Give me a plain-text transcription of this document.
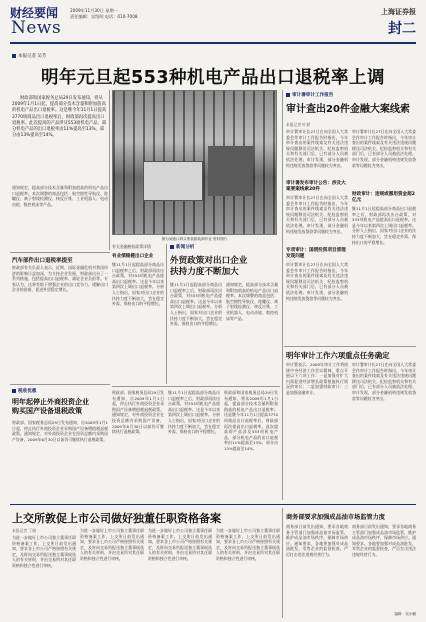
财经要闻
News
2009年11月30日 星期一
责任编辑：吴绍明 电话：010-7008
上海证券报
封二
本报记者 吴芳
明年元旦起553种机电产品出口退税率上调
财政部和国家税务总局29日发布通知，将从2009年1月1日起，提高部分技术含量和附加值高的机电产品出口退税率。这是继今年11月1日提高3770项商品出口退税率后，财政部再次提高出口退税率。此次提高的产品涉及553项机电产品，部分机电产品的出口退税率由11%提高至13%，部分由13%提高至14%。
图为某港口码头集装箱装卸作业 资料图片
通知规定，提高部分技术含量和附加值高的机电产品出口退税率。本次调整的商品包括：航空惯性导航仪、陀螺仪、离子射线检测仪、核反应堆、工业机器人、电动齿轮、数控机床等产品。
汽车部件出口退税率提至
财政部有关负责人表示，近期，国际金融危机对我国经济的影响日益加深，为支持企业发展，财政部出台了一系列措施，包括提高出口退税率、减轻企业负担等。专家认为，这将有助于增强企业的出口竞争力，缓解出口企业的困难，促进外贸稳定增长。
税收优惠
明年起停止外商投资企业
购买国产设备退税政策
财政部、国家税务总局29日发布通知，自2009年1月1日起，停止执行外商投资企业采购国产设备增值税退税政策。通知规定，对外商投资企业在投资总额内采购国产设备，2009年6月30日以前仍可继续执行退税政策。
有关金融税收政策详情
有业绩稳健出口企业
继11月1日起提高部分商品出口退税率之后，财政部再次出台政策，对553项机电产品提高出口退税率。这是今年以来第四次上调出口退税率。分析人士指出，国家对出口企业的扶持力度不断加大，旨在稳定外需，保持出口的平稳增长。
新闻分析
外贸政策对出口企业
扶持力度不断加大
继11月1日起提高部分商品出口退税率之后，财政部再次出台政策，对553项机电产品提高出口退税率。这是今年以来第四次上调出口退税率。分析人士指出，国家对出口企业的扶持力度不断加大，旨在稳定外需，保持出口的平稳增长。
通知规定，提高部分技术含量和附加值高的机电产品出口退税率。本次调整的商品包括：航空惯性导航仪、陀螺仪、离子射线检测仪、核反应堆、工业机器人、电动齿轮、数控机床等产品。
财政部、国家税务总局29日发布通知，自2009年1月1日起，停止执行外商投资企业采购国产设备增值税退税政策。通知规定，对外商投资企业在投资总额内采购国产设备，2009年6月30日以前仍可继续执行退税政策。
继11月1日起提高部分商品出口退税率之后，财政部再次出台政策，对553项机电产品提高出口退税率。这是今年以来第四次上调出口退税率。分析人士指出，国家对出口企业的扶持力度不断加大，旨在稳定外需，保持出口的平稳增长。
财政部和国家税务总局29日发布通知，将从2009年1月1日起，提高部分技术含量和附加值高的机电产品出口退税率。这是继今年11月1日提高3770项商品出口退税率后，财政部再次提高出口退税率。此次提高的产品涉及553项机电产品，部分机电产品的出口退税率由11%提高至13%，部分由13%提高至14%。
审计署审计工作报告
审计查出20件金融大案线索
本报记者 叶斌
审计署审计长27日在向全国人大常委会作审计工作报告时指出，今年审计查出的案件线索及有关违法违规问题移送司法机关、纪检监察机关和有关部门后，已有部分人员被依法处理。审计发现，部分金融机构违规发放贷款等问题较为突出。
审计署发布审计公告：涉及大案要案线索20件
审计署审计长27日在向全国人大常委会作审计工作报告时指出，今年审计查出的案件线索及有关违法违规问题移送司法机关、纪检监察机关和有关部门后，已有部分人员被依法处理。审计发现，部分金融机构违规发放贷款等问题较为突出。
专项审计：国债投资项目清理发现问题
审计署审计长27日在向全国人大常委会作审计工作报告时指出，今年审计查出的案件线索及有关违法违规问题移送司法机关、纪检监察机关和有关部门后，已有部分人员被依法处理。审计发现，部分金融机构违规发放贷款等问题较为突出。
审计署审计长27日在向全国人大常委会作审计工作报告时指出，今年审计查出的案件线索及有关违法违规问题移送司法机关、纪检监察机关和有关部门后，已有部分人员被依法处理。审计发现，部分金融机构违规发放贷款等问题较为突出。
财政审计：违规或挪用资金超2亿元
继11月1日起提高部分商品出口退税率之后，财政部再次出台政策，对553项机电产品提高出口退税率。这是今年以来第四次上调出口退税率。分析人士指出，国家对出口企业的扶持力度不断加大，旨在稳定外需，保持出口的平稳增长。
明年审计工作六项重点任务确定
审计署表示，2009年审计工作将围绕中央经济工作会议精神，重点开展以下六项工作：一是加强对扩大内需促进经济增长政策措施执行情况的审计；二是加强财政审计；三是加强金融审计。
审计署审计长27日在向全国人大常委会作审计工作报告时指出，今年审计查出的案件线索及有关违法违规问题移送司法机关、纪检监察机关和有关部门后，已有部分人员被依法处理。审计发现，部分金融机构违规发放贷款等问题较为突出。
上交所敦促上市公司做好独董任职资格备案
本报记者 丁晓
为进一步做好上市公司独立董事任职资格备案工作，上交所日前发出通知，要求各上市公司严格按照有关规定，及时向交易所报送独立董事候选人的有关材料，并由交易所对其任职资格和独立性进行审核。
为进一步做好上市公司独立董事任职资格备案工作，上交所日前发出通知，要求各上市公司严格按照有关规定，及时向交易所报送独立董事候选人的有关材料，并由交易所对其任职资格和独立性进行审核。
为进一步做好上市公司独立董事任职资格备案工作，上交所日前发出通知，要求各上市公司严格按照有关规定，及时向交易所报送独立董事候选人的有关材料，并由交易所对其任职资格和独立性进行审核。
为进一步做好上市公司独立董事任职资格备案工作，上交所日前发出通知，要求各上市公司严格按照有关规定，及时向交易所报送独立董事候选人的有关材料，并由交易所对其任职资格和独立性进行审核。
商务部要求加强成品油市场监管力度
商务部日前发出通知，要求各地商务主管部门加强成品油市场监管，维护成品油市场秩序，保障市场供应。通知要求，各地要加强对成品油批发、零售企业的监督检查，严厉打击违法违规经营行为。
商务部日前发出通知，要求各地商务主管部门加强成品油市场监管，维护成品油市场秩序，保障市场供应。通知要求，各地要加强对成品油批发、零售企业的监督检查，严厉打击违法违规经营行为。
编辑：吴小鹏
